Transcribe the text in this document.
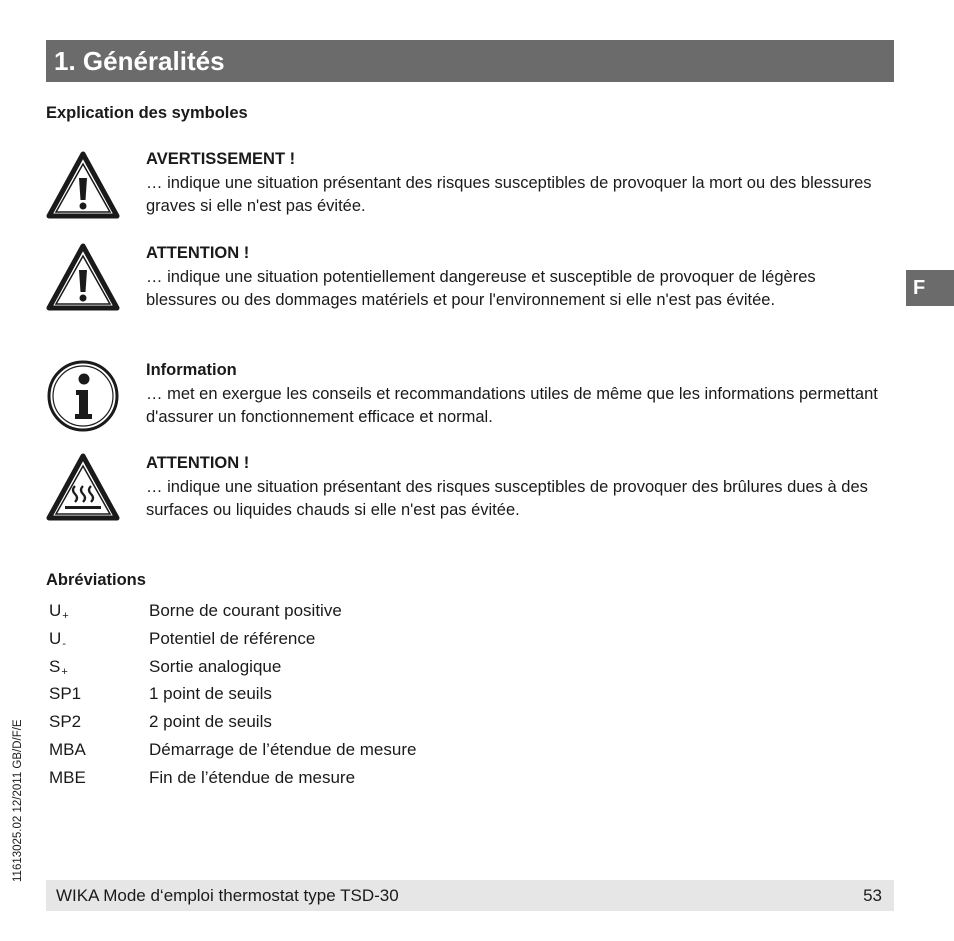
1. Généralités
Explication des symboles
AVERTISSEMENT !
… indique une situation présentant des risques susceptibles de provoquer la mort ou des blessures graves si elle n'est pas évitée.
ATTENTION !
… indique une situation potentiellement dangereuse et susceptible de provoquer de légères blessures ou des dommages matériels et pour l'environnement si elle n'est pas évitée.
Information
… met en exergue les conseils et recommandations utiles de même que les informations permettant d'assurer un fonctionnement efficace et normal.
ATTENTION !
… indique une situation présentant des risques susceptibles de provoquer des brûlures dues à des surfaces ou liquides chauds si elle n'est pas évitée.
Abréviations
U+	Borne de courant positive
U-	Potentiel de référence
S+	Sortie analogique
SP1	1 point de seuils
SP2	2 point de seuils
MBA	Démarrage de l’étendue de mesure
MBE	Fin de l’étendue de mesure
F
11613025.02 12/2011 GB/D/F/E
WIKA Mode d‘emploi thermostat type TSD-30	53
